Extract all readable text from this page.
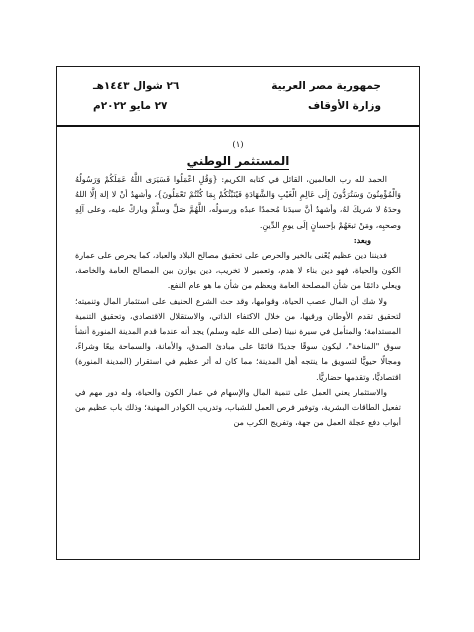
جمهورية مصر العربية
وزارة الأوقاف
٢٦ شوال ١٤٤٣هـ
٢٧ مايو ٢٠٢٢م
(١)
المستثمر الوطني

الحمد لله رب العالمين، القائل في كتابه الكريم: {وَقُلِ اعْمَلُوا فَسَيَرَى اللَّهُ عَمَلَكُمْ وَرَسُولُهُ وَالْمُؤْمِنُونَ وَسَتُرَدُّونَ إِلَى عَالِمِ الْغَيْبِ وَالشَّهَادَةِ فَيُنَبِّئُكُمْ بِمَا كُنْتُمْ تَعْمَلُونَ}، وأشهدُ أنْ لا إلهَ إلَّا اللهُ وحدَهُ لا شريكَ لهُ، وأشهدُ أنَّ سيدَنا مُحمدًا عبدُه ورسولُه، اللَّهُمَّ صَلِّ وسلِّمْ وباركْ عليه، وعلى آلِهِ وصحبِه، ومَنْ تبعَهُمْ بإحسانٍ إلَى يومِ الدِّينِ.

وبعد:

فديننا دين عظيم يُعْنى بالخير والحرص على تحقيق مصالح البلاد والعباد، كما يحرص على عمارة الكون والحياة، فهو دين بناء لا هدم، وتعمير لا تخريب، دين يوازن بين المصالح العامة والخاصة، ويعلي دائمًا من شأن المصلحة العامة ويعظم من شأن ما هو عام النفع.

ولا شك أن المال عصب الحياة، وقوامها، وقد حث الشرع الحنيف على استثمار المال وتنميته؛ لتحقيق تقدم الأوطان ورقيها، من خلال الاكتفاء الذاتي، والاستقلال الاقتصادي، وتحقيق التنمية المستدامة؛ والمتأمل في سيرة نبينا (صلى الله عليه وسلم) يجد أنه عندما قدم المدينة المنورة أنشأ سوق "المناخة"، ليكون سوقًا جديدًا قائمًا على مبادئ الصدق، والأمانة، والسماحة بيعًا وشراءً، ومجالًا حيويًّا لتسويق ما ينتجه أهل المدينة؛ مما كان له أثر عظيم في استقرار (المدينة المنورة) اقتصاديًّا، وتقدمها حضاريًّا.

والاستثمار يعني العمل على تنمية المال والإسهام في عمار الكون والحياة، وله دور مهم في تفعيل الطاقات البشرية، وتوفير فرص العمل للشباب، وتدريب الكوادر المهنية؛ وذلك باب عظيم من أبواب دفع عجلة العمل من جهة، وتفريج الكرب من
